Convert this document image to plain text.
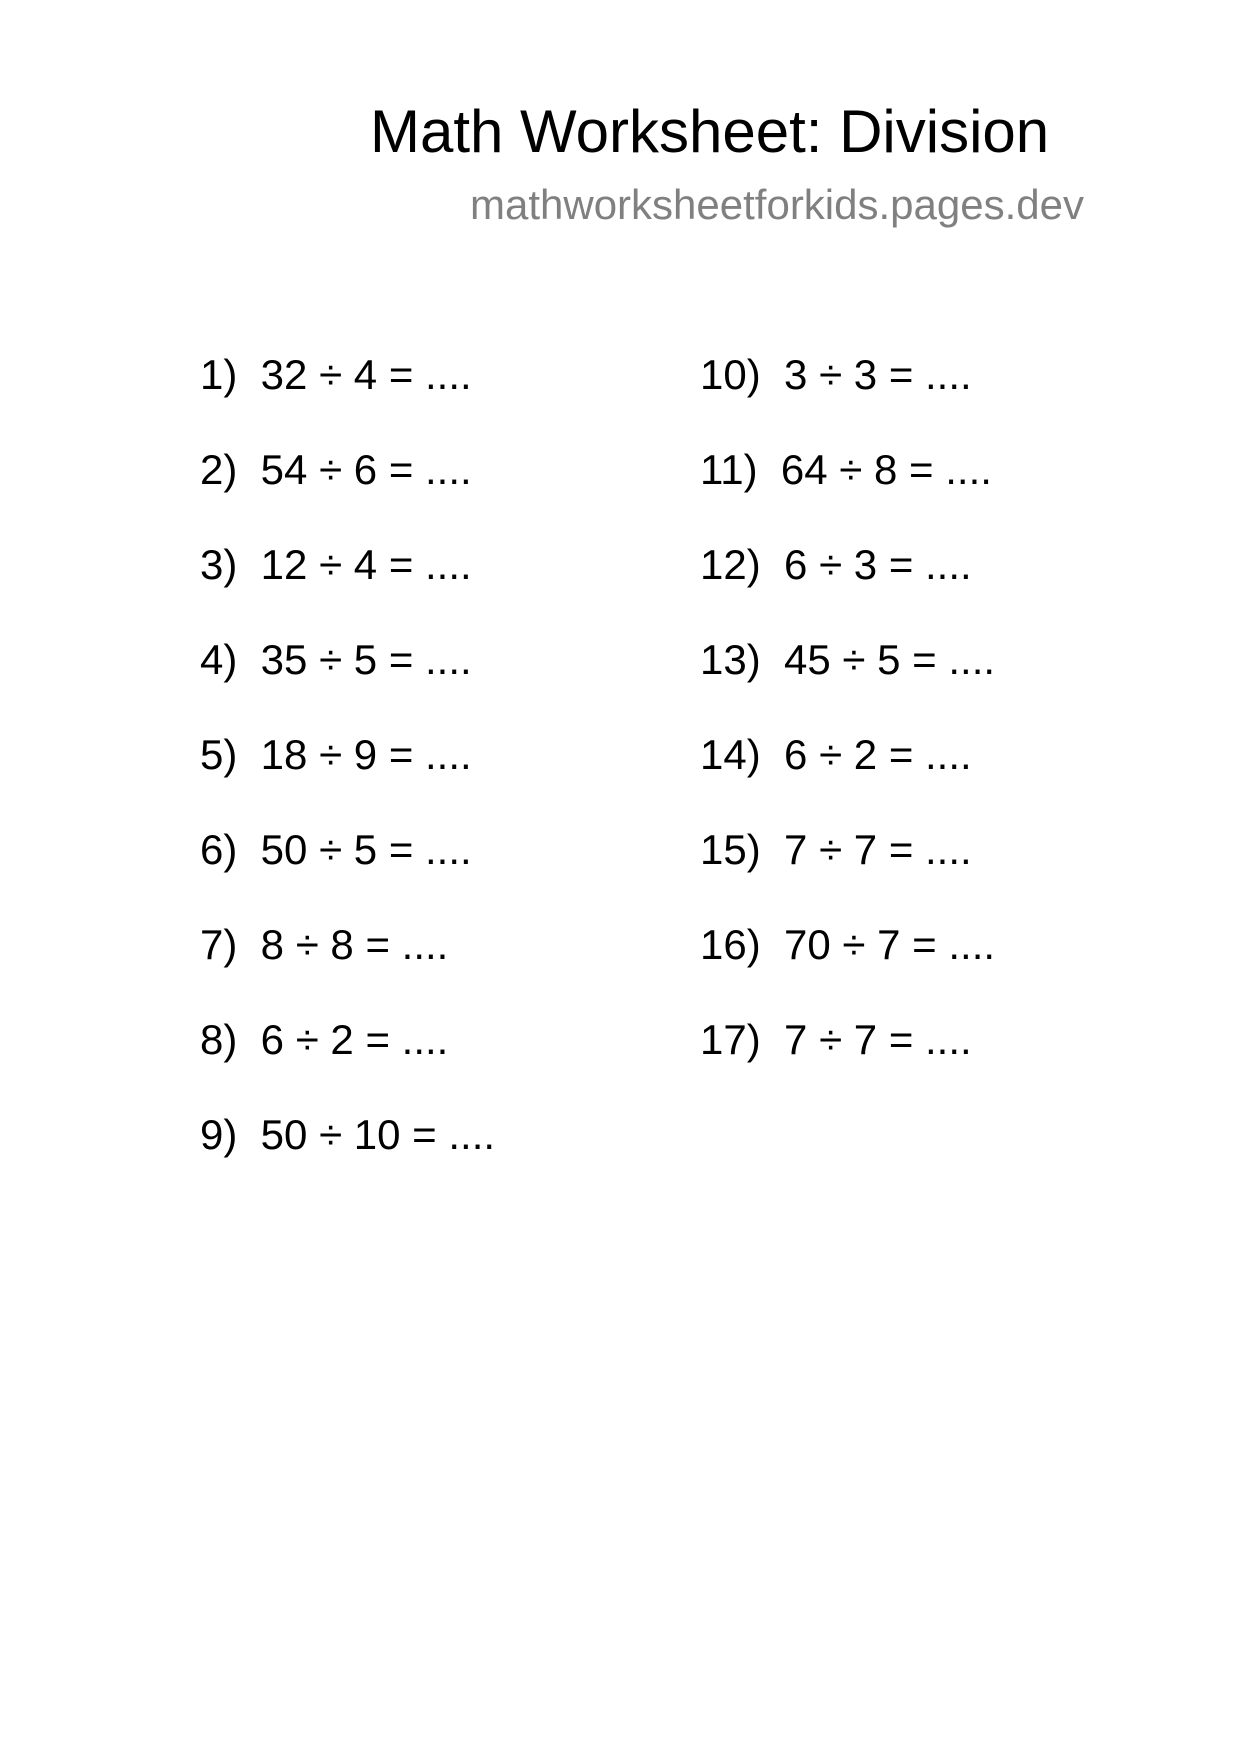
Math Worksheet: Division
mathworksheetforkids.pages.dev
1)  32 ÷ 4 = ....
2)  54 ÷ 6 = ....
3)  12 ÷ 4 = ....
4)  35 ÷ 5 = ....
5)  18 ÷ 9 = ....
6)  50 ÷ 5 = ....
7)  8 ÷ 8 = ....
8)  6 ÷ 2 = ....
9)  50 ÷ 10 = ....
10)  3 ÷ 3 = ....
11)  64 ÷ 8 = ....
12)  6 ÷ 3 = ....
13)  45 ÷ 5 = ....
14)  6 ÷ 2 = ....
15)  7 ÷ 7 = ....
16)  70 ÷ 7 = ....
17)  7 ÷ 7 = ....
